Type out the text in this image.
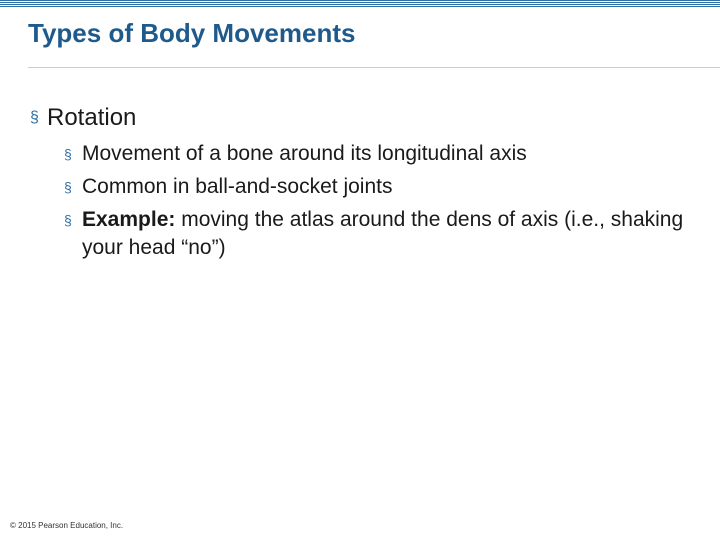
Types of Body Movements
§ Rotation
§ Movement of a bone around its longitudinal axis
§ Common in ball-and-socket joints
§ Example: moving the atlas around the dens of axis (i.e., shaking your head “no”)
© 2015 Pearson Education, Inc.
